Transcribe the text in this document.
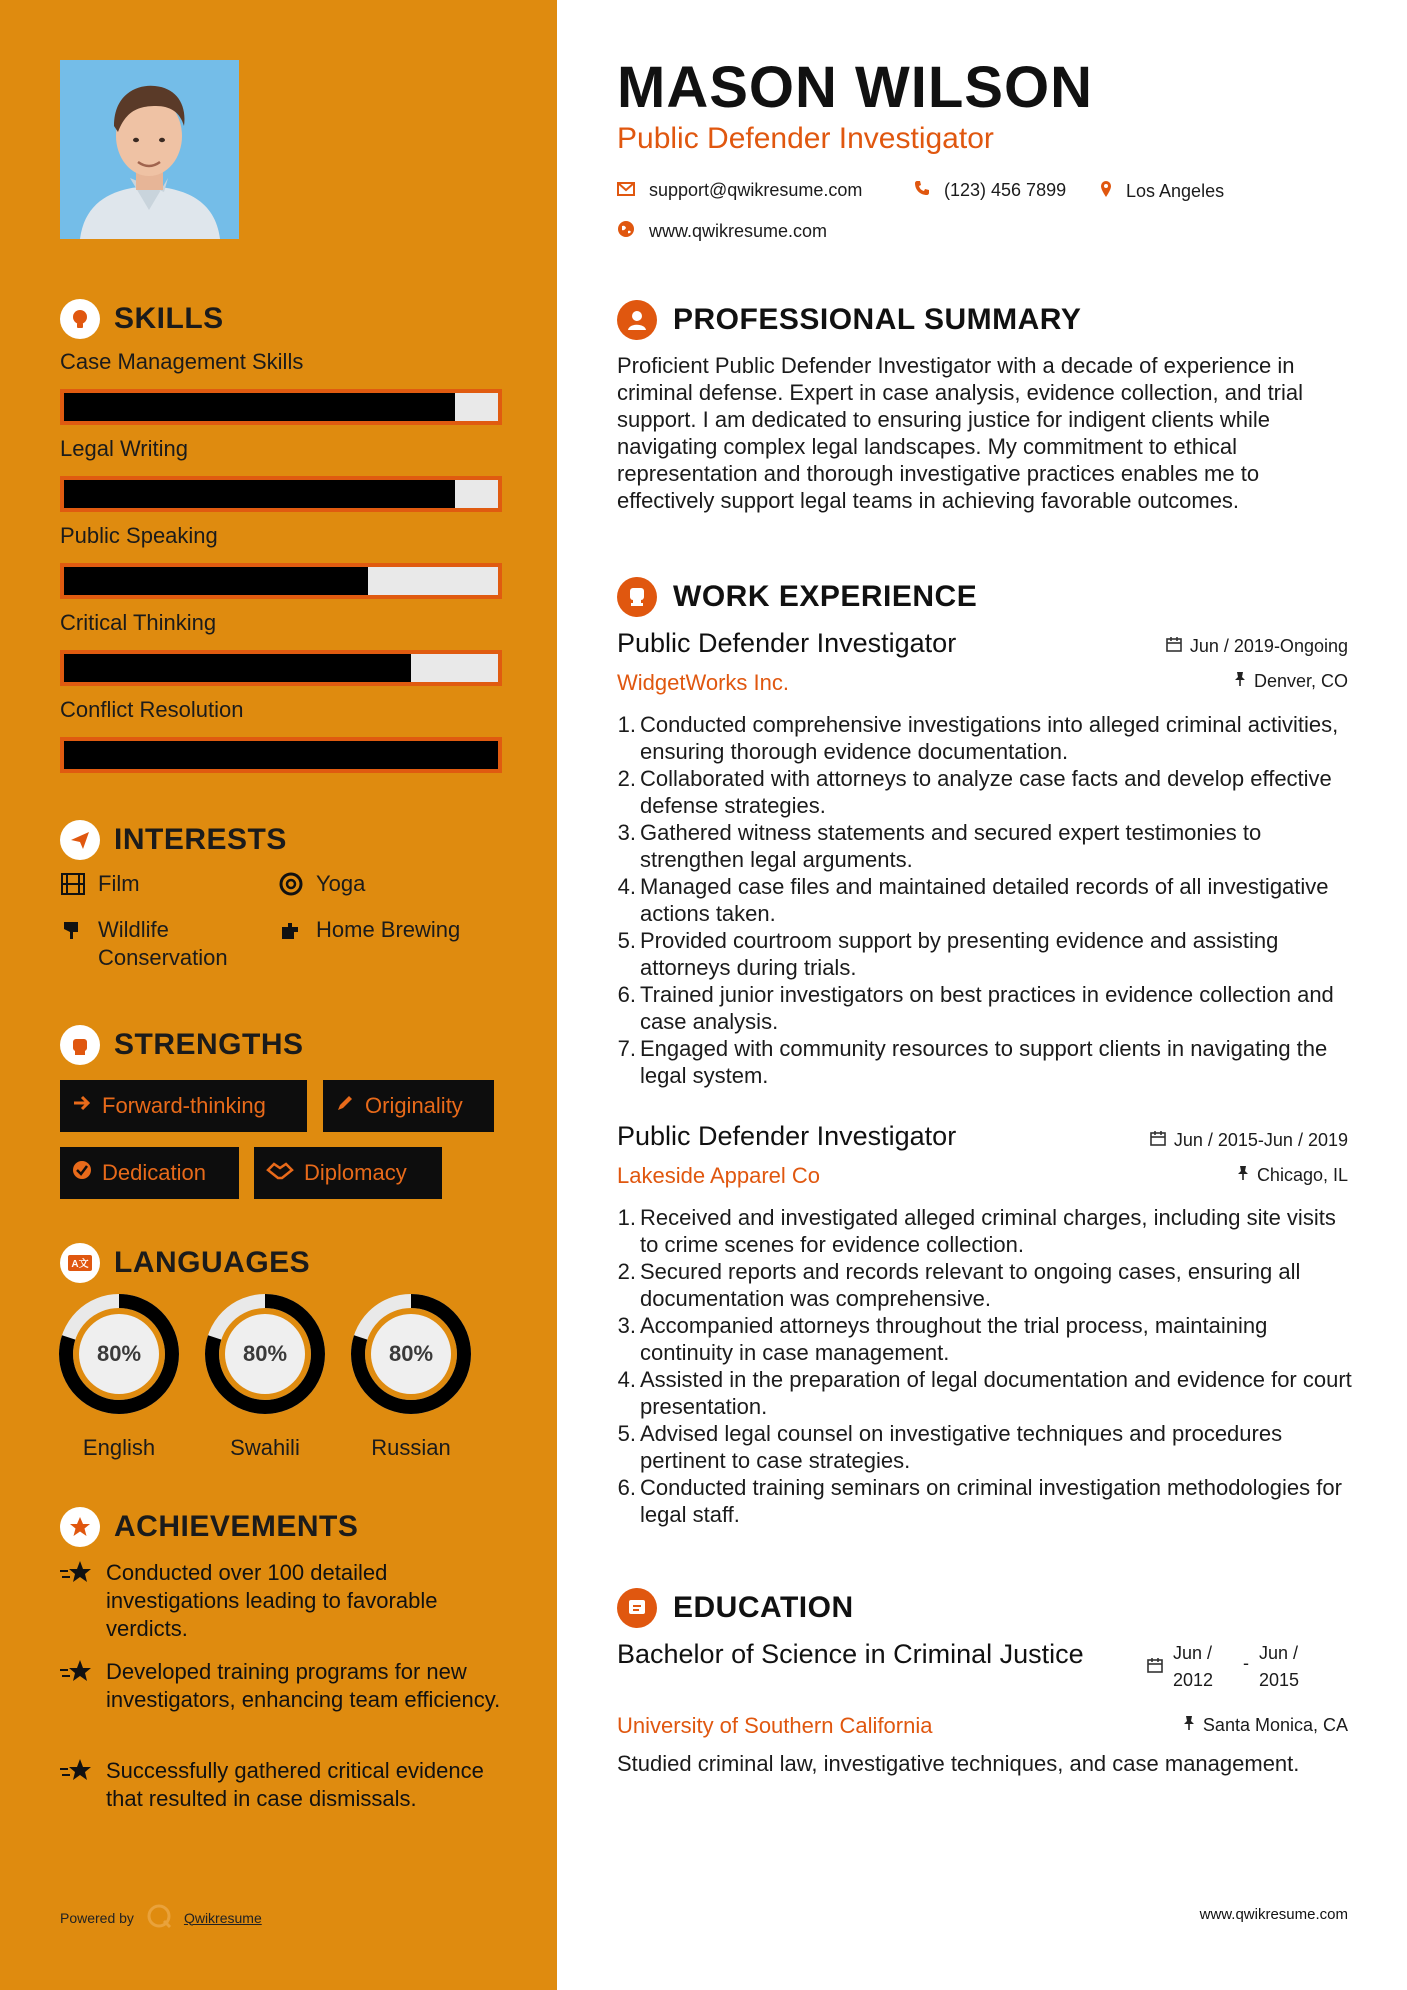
SKILLS
Case Management Skills
Legal Writing
Public Speaking
Critical Thinking
Conflict Resolution
INTERESTS
Film	Yoga
Wildlife Conservation
Home Brewing
STRENGTHS
Forward-thinking	Originality
Dedication	Diplomacy
A文 LANGUAGES
80%
English
80%
Swahili
80%
Russian
ACHIEVEMENTS
Conducted over 100 detailed investigations leading to favorable verdicts.
Developed training programs for new investigators, enhancing team efficiency.
Successfully gathered critical evidence that resulted in case dismissals.
Powered by	Qwikresume
MASON WILSON
Public Defender Investigator
support@qwikresume.com	(123) 456 7899	Los Angeles
www.qwikresume.com
PROFESSIONAL SUMMARY
Proficient Public Defender Investigator with a decade of experience in criminal defense. Expert in case analysis, evidence collection, and trial support. I am dedicated to ensuring justice for indigent clients while navigating complex legal landscapes. My commitment to ethical representation and thorough investigative practices enables me to effectively support legal teams in achieving favorable outcomes.
WORK EXPERIENCE
Public Defender Investigator	Jun / 2019-Ongoing
WidgetWorks Inc.	Denver, CO
1. Conducted comprehensive investigations into alleged criminal activities, ensuring thorough evidence documentation.
2. Collaborated with attorneys to analyze case facts and develop effective defense strategies.
3. Gathered witness statements and secured expert testimonies to strengthen legal arguments.
4. Managed case files and maintained detailed records of all investigative actions taken.
5. Provided courtroom support by presenting evidence and assisting attorneys during trials.
6. Trained junior investigators on best practices in evidence collection and case analysis.
7. Engaged with community resources to support clients in navigating the legal system.
Public Defender Investigator	Jun / 2015-Jun / 2019
Lakeside Apparel Co	Chicago, IL
1. Received and investigated alleged criminal charges, including site visits to crime scenes for evidence collection.
2. Secured reports and records relevant to ongoing cases, ensuring all documentation was comprehensive.
3. Accompanied attorneys throughout the trial process, maintaining continuity in case management.
4. Assisted in the preparation of legal documentation and evidence for court presentation.
5. Advised legal counsel on investigative techniques and procedures pertinent to case strategies.
6. Conducted training seminars on criminal investigation methodologies for legal staff.
EDUCATION
Bachelor of Science in Criminal Justice	Jun / 2012
- Jun / 2015
University of Southern California	Santa Monica, CA
Studied criminal law, investigative techniques, and case management.
www.qwikresume.com
